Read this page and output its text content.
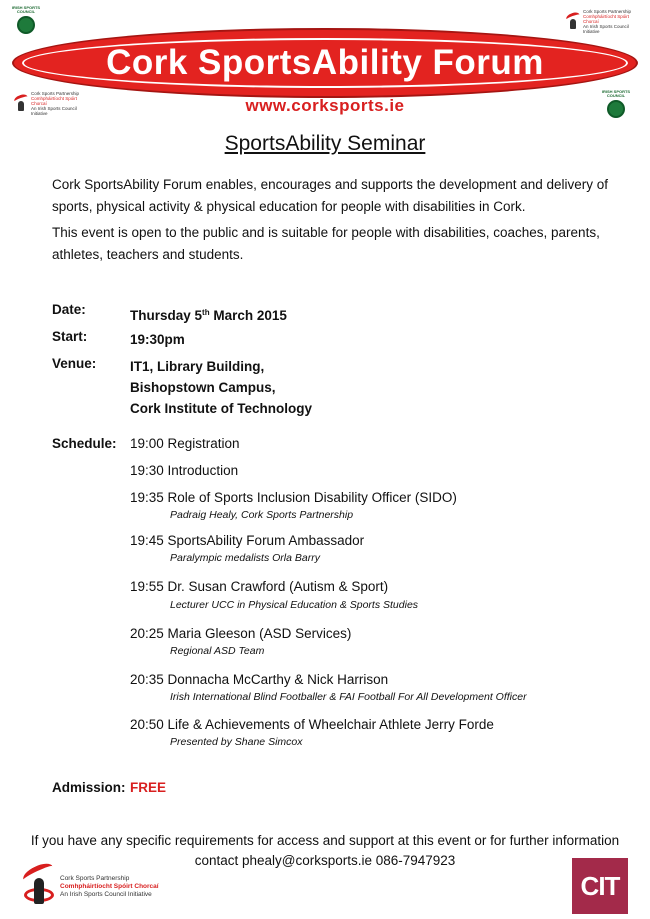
IRISH SPORTS COUNCIL	Cork Sports Partnership
Comhpháirtíocht Spóirt Chorcaí
An Irish Sports Council Initiative
Cork SportsAbility Forum
Cork Sports Partnership
Comhpháirtíocht Spóirt Chorcaí
An Irish Sports Council Initiative	www.corksports.ie
IRISH SPORTS COUNCIL
SportsAbility Seminar

Cork SportsAbility Forum enables, encourages and supports the development and delivery of sports, physical activity & physical education for people with disabilities in Cork.

This event is open to the public and is suitable for people with disabilities, coaches, parents, athletes, teachers and students.

Date:	Thursday 5th March 2015
Start:	19:30pm
Venue:	IT1, Library Building,
Bishopstown Campus,
Cork Institute of Technology
Schedule: 19:00 Registration
19:30 Introduction
19:35 Role of Sports Inclusion Disability Officer (SIDO)
Padraig Healy, Cork Sports Partnership
19:45 SportsAbility Forum Ambassador
Paralympic medalists Orla Barry
19:55 Dr. Susan Crawford (Autism & Sport)
Lecturer UCC in Physical Education & Sports Studies
20:25 Maria Gleeson (ASD Services)
Regional ASD Team
20:35 Donnacha McCarthy & Nick Harrison
Irish International Blind Footballer & FAI Football For All Development Officer
20:50 Life & Achievements of Wheelchair Athlete Jerry Forde
Presented by Shane Simcox
Admission: FREE
If you have any specific requirements for access and support at this event or for further information
contact phealy@corksports.ie 086-7947923
Cork Sports Partnership
Comhpháirtíocht Spóirt Chorcaí
An Irish Sports Council Initiative	CIT
